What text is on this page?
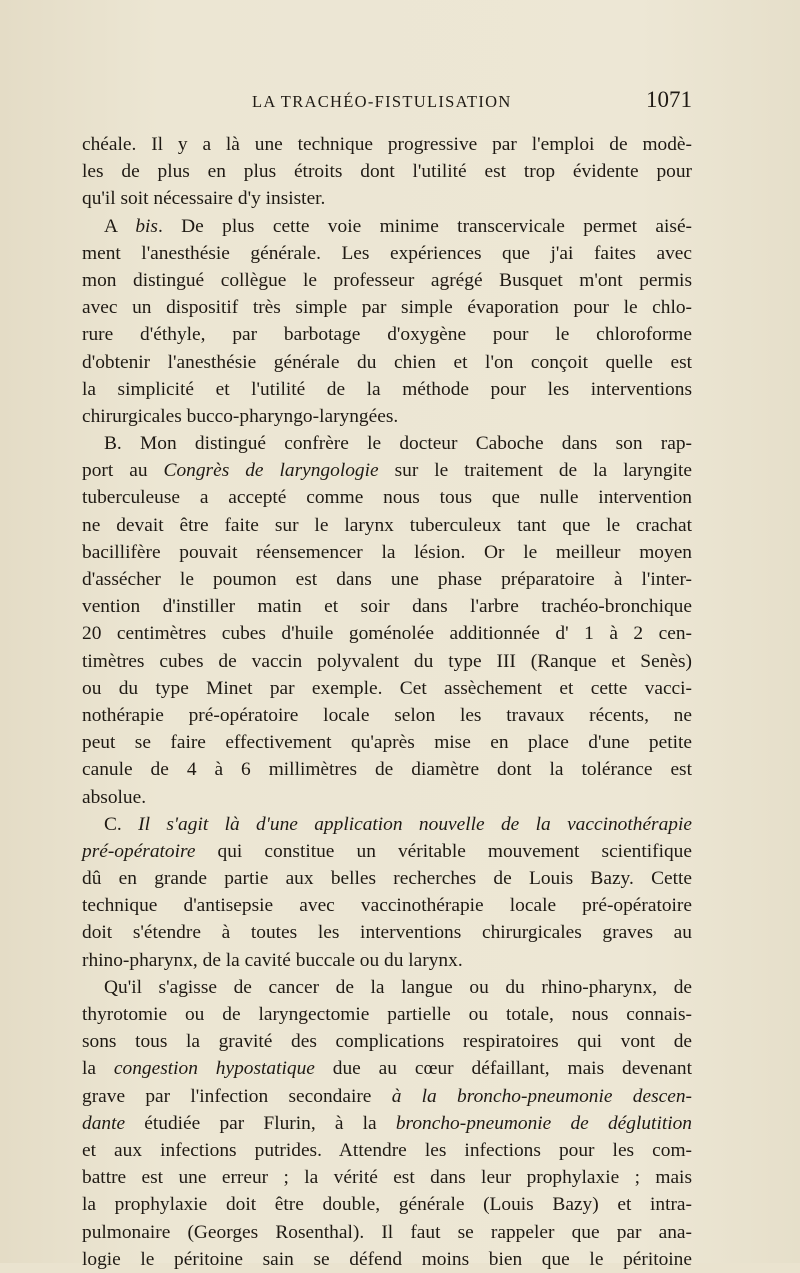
LA TRACHÉO-FISTULISATION	1071
chéale. Il y a là une technique progressive par l'emploi de modè-
les de plus en plus étroits dont l'utilité est trop évidente pour
qu'il soit nécessaire d'y insister.
A bis. De plus cette voie minime transcervicale permet aisé-
ment l'anesthésie générale. Les expériences que j'ai faites avec
mon distingué collègue le professeur agrégé Busquet m'ont permis
avec un dispositif très simple par simple évaporation pour le chlo-
rure d'éthyle, par barbotage d'oxygène pour le chloroforme
d'obtenir l'anesthésie générale du chien et l'on conçoit quelle est
la simplicité et l'utilité de la méthode pour les interventions
chirurgicales bucco-pharyngo-laryngées.
B. Mon distingué confrère le docteur Caboche dans son rap-
port au Congrès de laryngologie sur le traitement de la laryngite
tuberculeuse a accepté comme nous tous que nulle intervention
ne devait être faite sur le larynx tuberculeux tant que le crachat
bacillifère pouvait réensemencer la lésion. Or le meilleur moyen
d'assécher le poumon est dans une phase préparatoire à l'inter-
vention d'instiller matin et soir dans l'arbre trachéo-bronchique
20 centimètres cubes d'huile goménolée additionnée d' 1 à 2 cen-
timètres cubes de vaccin polyvalent du type III (Ranque et Senès)
ou du type Minet par exemple. Cet assèchement et cette vacci-
nothérapie pré-opératoire locale selon les travaux récents, ne
peut se faire effectivement qu'après mise en place d'une petite
canule de 4 à 6 millimètres de diamètre dont la tolérance est
absolue.
C. Il s'agit là d'une application nouvelle de la vaccinothérapie
pré-opératoire qui constitue un véritable mouvement scientifique
dû en grande partie aux belles recherches de Louis Bazy. Cette
technique d'antisepsie avec vaccinothérapie locale pré-opératoire
doit s'étendre à toutes les interventions chirurgicales graves au
rhino-pharynx, de la cavité buccale ou du larynx.
Qu'il s'agisse de cancer de la langue ou du rhino-pharynx, de
thyrotomie ou de laryngectomie partielle ou totale, nous connais-
sons tous la gravité des complications respiratoires qui vont de
la congestion hypostatique due au cœur défaillant, mais devenant
grave par l'infection secondaire à la broncho-pneumonie descen-
dante étudiée par Flurin, à la broncho-pneumonie de déglutition
et aux infections putrides. Attendre les infections pour les com-
battre est une erreur ; la vérité est dans leur prophylaxie ; mais
la prophylaxie doit être double, générale (Louis Bazy) et intra-
pulmonaire (Georges Rosenthal). Il faut se rappeler que par ana-
logie le péritoine sain se défend moins bien que le péritoine
